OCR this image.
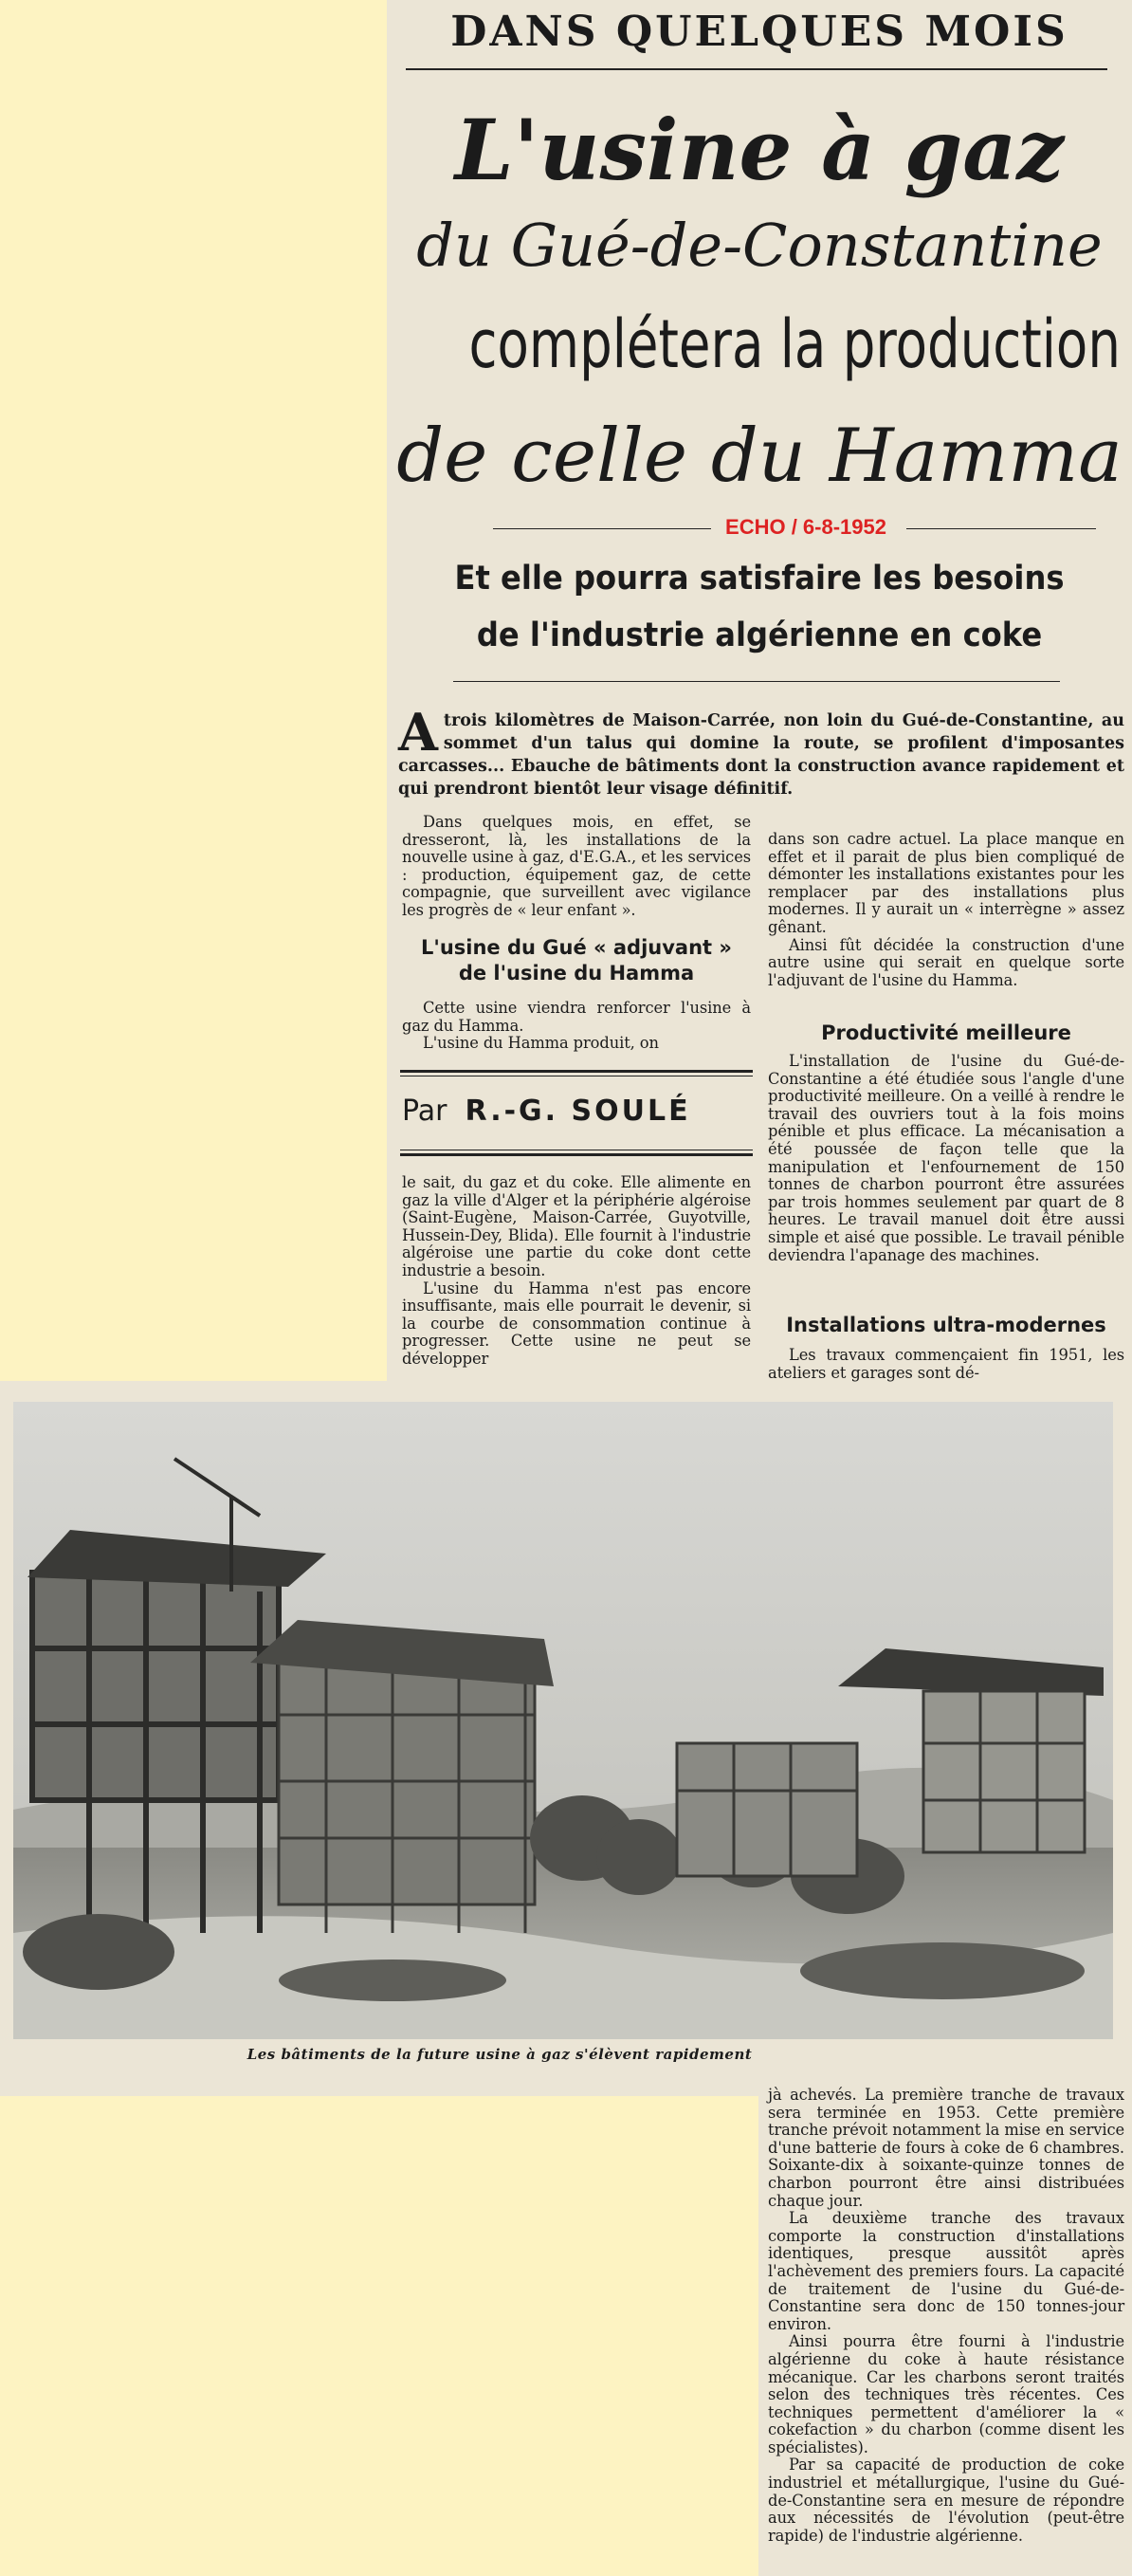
DANS QUELQUES MOIS
L'usine à gaz
du Gué-de-Constantine
complétera la production
de celle du Hamma
ECHO / 6-8-1952
Et elle pourra satisfaire les besoins
de l'industrie algérienne en coke
Atrois kilomètres de Maison-Carrée, non loin du Gué-de-Constantine, au sommet d'un talus qui domine la route, se profilent d'imposantes carcasses... Ebauche de bâtiments dont la construction avance rapidement et qui prendront bientôt leur visage définitif.

Dans quelques mois, en effet, se dresseront, là, les installations de la nouvelle usine à gaz, d'E.G.A., et les services : production, équipement gaz, de cette compagnie, que surveillent avec vigilance les progrès de « leur enfant ».

L'usine du Gué « adjuvant »
de l'usine du Hamma

Cette usine viendra renforcer l'usine à gaz du Hamma.

L'usine du Hamma produit, on

Par R.-G. SOULÉ

le sait, du gaz et du coke. Elle alimente en gaz la ville d'Alger et la périphérie algéroise (Saint-Eugène, Maison-Carrée, Guyotville, Hussein-Dey, Blida). Elle fournit à l'industrie algéroise une partie du coke dont cette industrie a besoin.

L'usine du Hamma n'est pas encore insuffisante, mais elle pourrait le devenir, si la courbe de consommation continue à progresser. Cette usine ne peut se développer

dans son cadre actuel. La place manque en effet et il parait de plus bien compliqué de démonter les installations existantes pour les remplacer par des installations plus modernes. Il y aurait un « interrègne » assez gênant.

Ainsi fût décidée la construction d'une autre usine qui serait en quelque sorte l'adjuvant de l'usine du Hamma.

Productivité meilleure

L'installation de l'usine du Gué-de-Constantine a été étudiée sous l'angle d'une productivité meilleure. On a veillé à rendre le travail des ouvriers tout à la fois moins pénible et plus efficace. La mécanisation a été poussée de façon telle que la manipulation et l'enfournement de 150 tonnes de charbon pourront être assurées par trois hommes seulement par quart de 8 heures. Le travail manuel doit être aussi simple et aisé que possible. Le travail pénible deviendra l'apanage des machines.

Installations ultra-modernes

Les travaux commençaient fin 1951, les ateliers et garages sont dé-

Les bâtiments de la future usine à gaz s'élèvent rapidement

jà achevés. La première tranche de travaux sera terminée en 1953. Cette première tranche prévoit notamment la mise en service d'une batterie de fours à coke de 6 chambres. Soixante-dix à soixante-quinze tonnes de charbon pourront être ainsi distribuées chaque jour.

La deuxième tranche des travaux comporte la construction d'installations identiques, presque aussitôt après l'achèvement des premiers fours. La capacité de traitement de l'usine du Gué-de-Constantine sera donc de 150 tonnes-jour environ.

Ainsi pourra être fourni à l'industrie algérienne du coke à haute résistance mécanique. Car les charbons seront traités selon des techniques très récentes. Ces techniques permettent d'améliorer la « cokefaction » du charbon (comme disent les spécialistes).

Par sa capacité de production de coke industriel et métallurgique, l'usine du Gué-de-Constantine sera en mesure de répondre aux nécessités de l'évolution (peut-être rapide) de l'industrie algérienne.
